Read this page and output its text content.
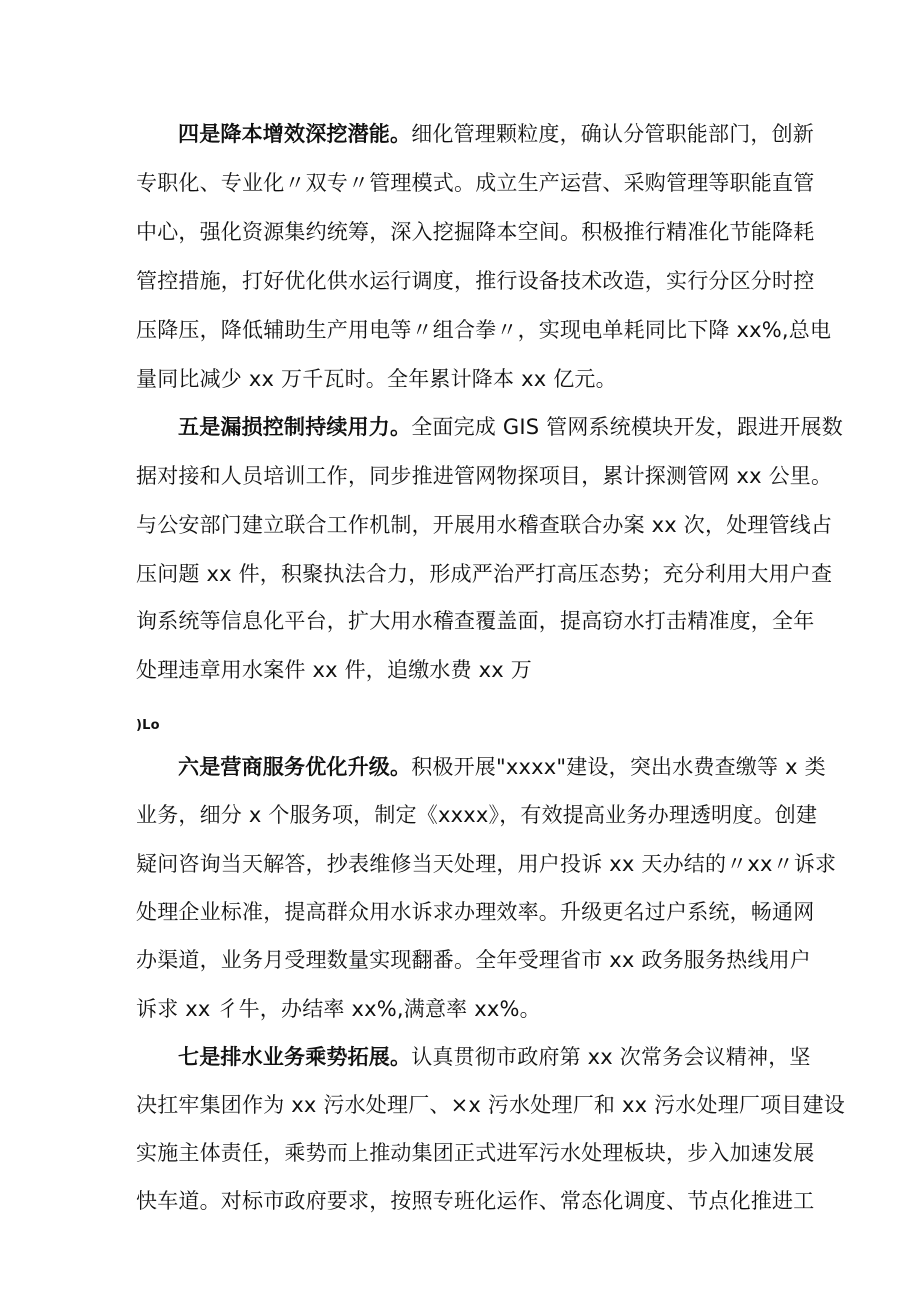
四是降本增效深挖潜能。细化管理颗粒度，确认分管职能部门，创新

专职化、专业化〃双专〃管理模式。成立生产运营、采购管理等职能直管

中心，强化资源集约统筹，深入挖掘降本空间。积极推行精准化节能降耗

管控措施，打好优化供水运行调度，推行设备技术改造，实行分区分时控

压降压，降低辅助生产用电等〃组合拳〃，实现电单耗同比下降 xx%,总电

量同比减少 xx 万千瓦时。全年累计降本 xx 亿元。

五是漏损控制持续用力。全面完成 GIS 管网系统模块开发，跟进开展数

据对接和人员培训工作，同步推进管网物探项目，累计探测管网 xx 公里。

与公安部门建立联合工作机制，开展用水稽查联合办案 xx 次，处理管线占

压问题 xx 件，积聚执法合力，形成严治严打高压态势；充分利用大用户查

询系统等信息化平台，扩大用水稽查覆盖面，提高窃水打击精准度，全年

处理违章用水案件 xx 件，追缴水费 xx 万

)Lo

六是营商服务优化升级。积极开展"xxxx"建设，突出水费查缴等 x 类

业务，细分 x 个服务项，制定《xxxx》，有效提高业务办理透明度。创建

疑问咨询当天解答，抄表维修当天处理，用户投诉 xx 天办结的〃xx〃诉求

处理企业标准，提高群众用水诉求办理效率。升级更名过户系统，畅通网

办渠道，业务月受理数量实现翻番。全年受理省市 xx 政务服务热线用户

诉求 xx 彳牛，办结率 xx%,满意率 xx%。

七是排水业务乘势拓展。认真贯彻市政府第 xx 次常务会议精神，坚

决扛牢集团作为 xx 污水处理厂、×x 污水处理厂和 xx 污水处理厂项目建设

实施主体责任，乘势而上推动集团正式进军污水处理板块，步入加速发展

快车道。对标市政府要求，按照专班化运作、常态化调度、节点化推进工
